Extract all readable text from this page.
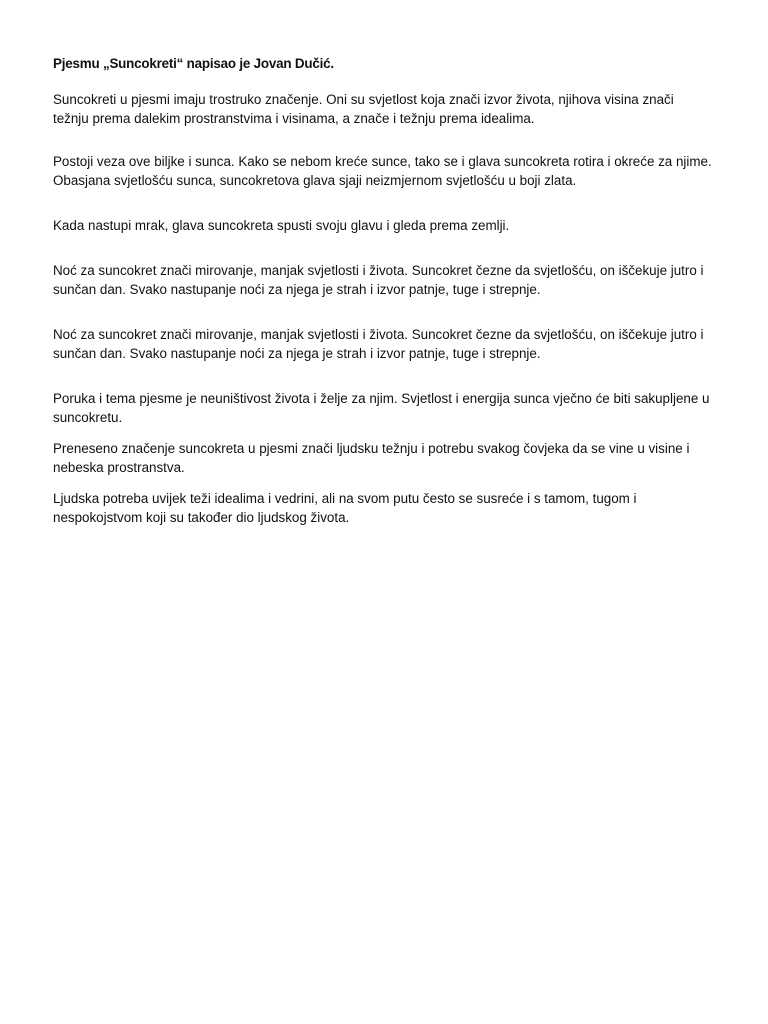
Pjesmu „Suncokreti“ napisao je Jovan Dučić.

Suncokreti u pjesmi imaju trostruko značenje. Oni su svjetlost koja znači izvor života, njihova visina znači težnju prema dalekim prostranstvima i visinama, a znače i težnju prema idealima.

Postoji veza ove biljke i sunca. Kako se nebom kreće sunce, tako se i glava suncokreta rotira i okreće za njime. Obasjana svjetlošću sunca, suncokretova glava sjaji neizmjernom svjetlošću u boji zlata.

Kada nastupi mrak, glava suncokreta spusti svoju glavu i gleda prema zemlji.

Noć za suncokret znači mirovanje, manjak svjetlosti i života. Suncokret čezne da svjetlošću, on iščekuje jutro i sunčan dan. Svako nastupanje noći za njega je strah i izvor patnje, tuge i strepnje.

Noć za suncokret znači mirovanje, manjak svjetlosti i života. Suncokret čezne da svjetlošću, on iščekuje jutro i sunčan dan. Svako nastupanje noći za njega je strah i izvor patnje, tuge i strepnje.

Poruka i tema pjesme je neuništivost života i želje za njim. Svjetlost i energija sunca vječno će biti sakupljene u suncokretu.

Preneseno značenje suncokreta u pjesmi znači ljudsku težnju i potrebu svakog čovjeka da se vine u visine i nebeska prostranstva.

Ljudska potreba uvijek teži idealima i vedrini, ali na svom putu često se susreće i s tamom, tugom i nespokojstvom koji su također dio ljudskog života.
